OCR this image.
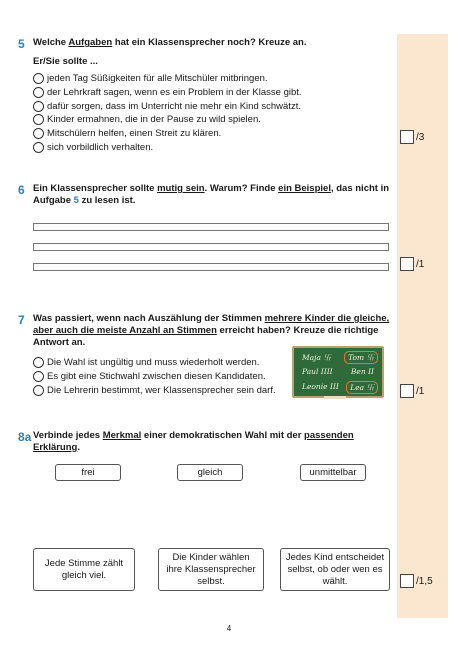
5 Welche Aufgaben hat ein Klassensprecher noch? Kreuze an.
Er/Sie sollte ...
jeden Tag Süßigkeiten für alle Mitschüler mitbringen.
der Lehrkraft sagen, wenn es ein Problem in der Klasse gibt.
dafür sorgen, dass im Unterricht nie mehr ein Kind schwätzt.
Kinder ermahnen, die in der Pause zu wild spielen.
Mitschülern helfen, einen Streit zu klären.
sich vorbildlich verhalten.
/3
6 Ein Klassensprecher sollte mutig sein. Warum? Finde ein Beispiel, das nicht in
Aufgabe 5 zu lesen ist.
/1
7 Was passiert, wenn nach Auszählung der Stimmen mehrere Kinder die gleiche,
aber auch die meiste Anzahl an Stimmen erreicht haben? Kreuze die richtige
Antwort an.
Die Wahl ist ungültig und muss wiederholt werden.
Es gibt eine Stichwahl zwischen diesen Kandidaten.
Die Lehrerin bestimmt, wer Klassensprecher sein darf.
Maja 卐	Tom 卐
Paul IIII	Ben II
Leonie III	Lea 卐	/1
8a Verbinde jedes Merkmal einer demokratischen Wahl mit der passenden
Erklärung.
frei	gleich	unmittelbar
Jede Stimme zählt
gleich viel.
Die Kinder wählen
ihre Klassensprecher
selbst.
Jedes Kind entscheidet
selbst, ob oder wen es
wählt.	/1,5
4
